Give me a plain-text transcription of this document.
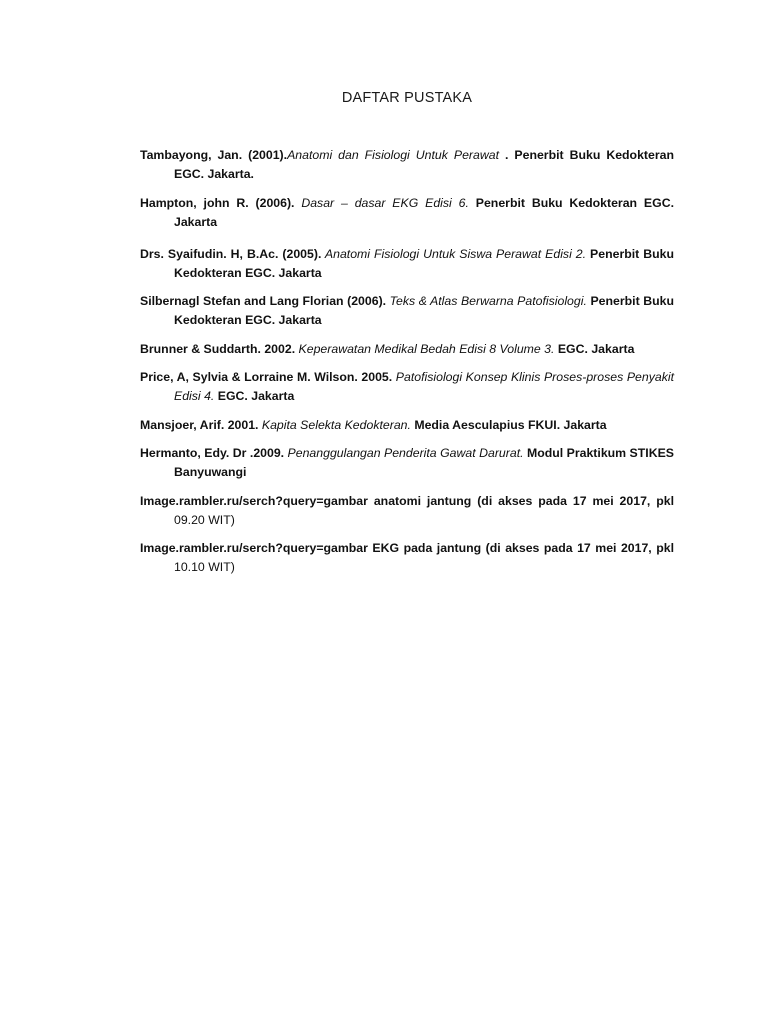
DAFTAR PUSTAKA

Tambayong, Jan. (2001).Anatomi dan Fisiologi Untuk Perawat . Penerbit Buku Kedokteran EGC. Jakarta.

Hampton, john R. (2006). Dasar – dasar EKG Edisi 6. Penerbit Buku Kedokteran EGC. Jakarta

Drs. Syaifudin. H, B.Ac. (2005). Anatomi Fisiologi Untuk Siswa Perawat Edisi 2. Penerbit Buku Kedokteran EGC. Jakarta

Silbernagl Stefan and Lang Florian (2006). Teks & Atlas Berwarna Patofisiologi. Penerbit Buku Kedokteran EGC. Jakarta

Brunner & Suddarth. 2002. Keperawatan Medikal Bedah Edisi 8 Volume 3. EGC. Jakarta

Price, A, Sylvia & Lorraine M. Wilson. 2005. Patofisiologi Konsep Klinis Proses-proses Penyakit Edisi 4. EGC. Jakarta

Mansjoer, Arif. 2001. Kapita Selekta Kedokteran. Media Aesculapius FKUI. Jakarta

Hermanto, Edy. Dr .2009. Penanggulangan Penderita Gawat Darurat. Modul Praktikum STIKES Banyuwangi

Image.rambler.ru/serch?query=gambar anatomi jantung (di akses pada 17 mei 2017, pkl 09.20 WIT)

Image.rambler.ru/serch?query=gambar EKG pada jantung (di akses pada 17 mei 2017, pkl 10.10 WIT)
